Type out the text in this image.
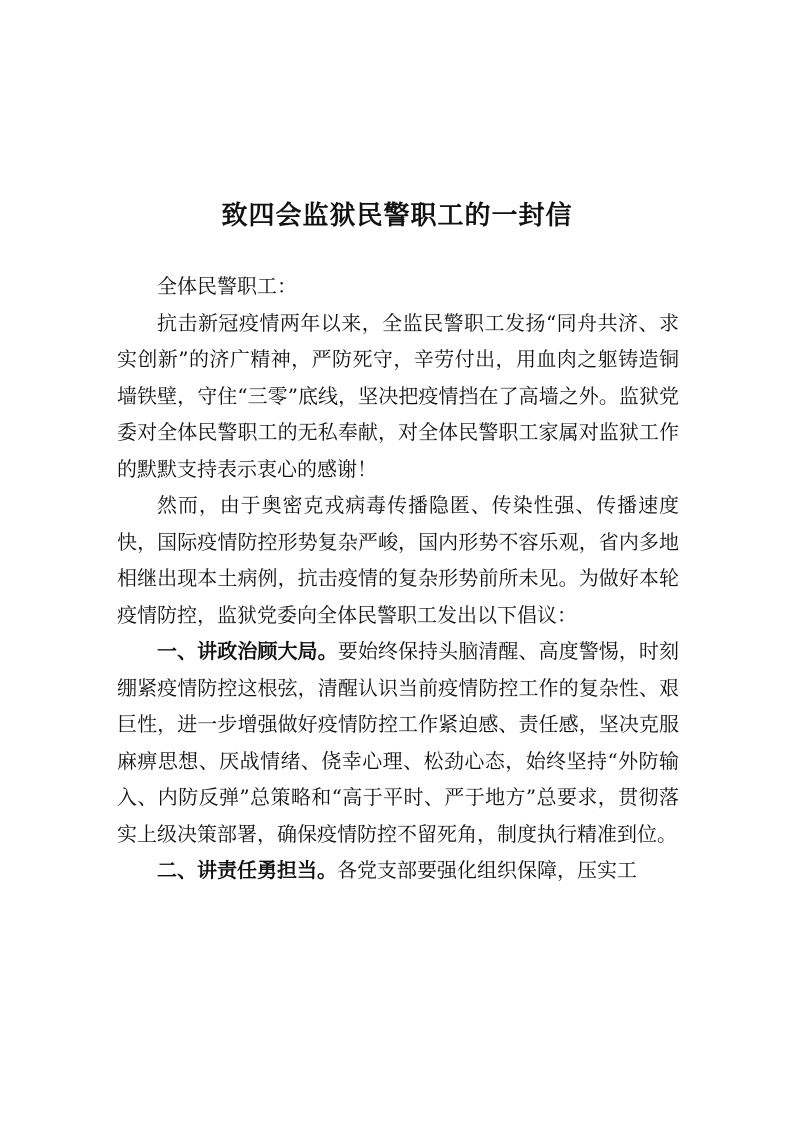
致四会监狱民警职工的一封信

全体民警职工：

抗击新冠疫情两年以来，全监民警职工发扬“同舟共济、求实创新”的济广精神，严防死守，辛劳付出，用血肉之躯铸造铜墙铁壁，守住“三零”底线，坚决把疫情挡在了高墙之外。监狱党委对全体民警职工的无私奉献，对全体民警职工家属对监狱工作的默默支持表示衷心的感谢！

然而，由于奥密克戎病毒传播隐匿、传染性强、传播速度快，国际疫情防控形势复杂严峻，国内形势不容乐观，省内多地相继出现本土病例，抗击疫情的复杂形势前所未见。为做好本轮疫情防控，监狱党委向全体民警职工发出以下倡议：

一、讲政治顾大局。要始终保持头脑清醒、高度警惕，时刻绷紧疫情防控这根弦，清醒认识当前疫情防控工作的复杂性、艰巨性，进一步增强做好疫情防控工作紧迫感、责任感，坚决克服麻痹思想、厌战情绪、侥幸心理、松劲心态，始终坚持“外防输入、内防反弹”总策略和“高于平时、严于地方”总要求，贯彻落实上级决策部署，确保疫情防控不留死角，制度执行精准到位。

二、讲责任勇担当。各党支部要强化组织保障，压实工
